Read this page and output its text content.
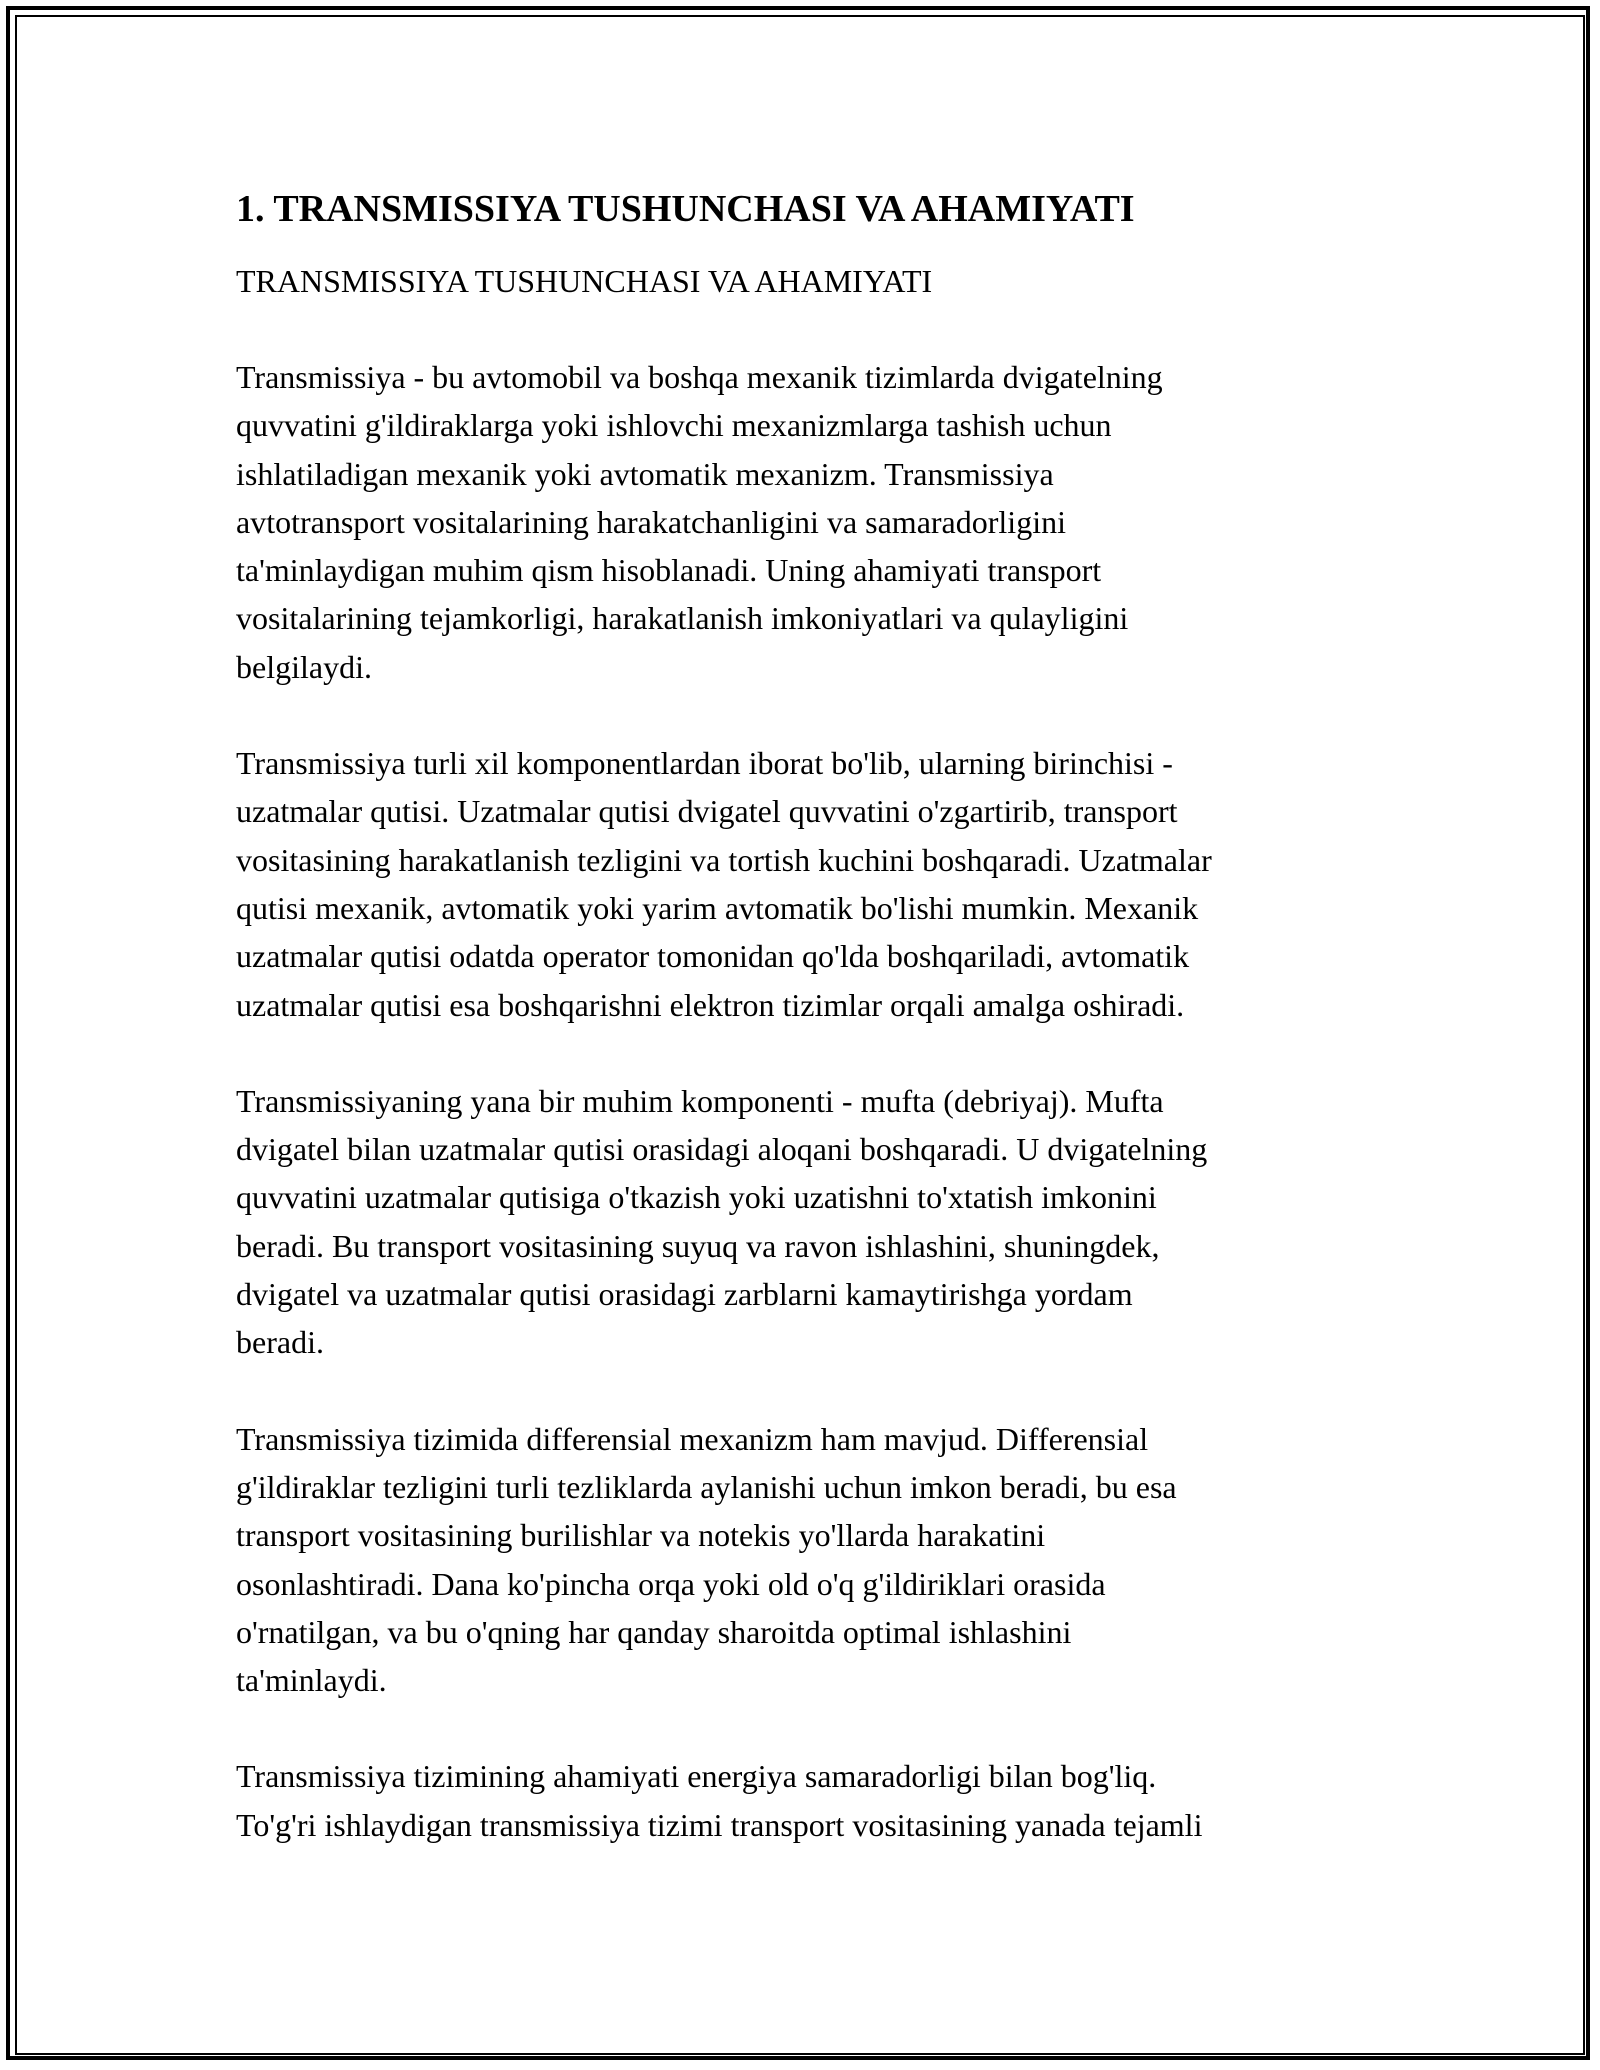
1. TRANSMISSIYA TUSHUNCHASI VA AHAMIYATI
TRANSMISSIYA TUSHUNCHASI VA AHAMIYATI

Transmissiya - bu avtomobil va boshqa mexanik tizimlarda dvigatelning
quvvatini g'ildiraklarga yoki ishlovchi mexanizmlarga tashish uchun
ishlatiladigan mexanik yoki avtomatik mexanizm. Transmissiya
avtotransport vositalarining harakatchanligini va samaradorligini
ta'minlaydigan muhim qism hisoblanadi. Uning ahamiyati transport
vositalarining tejamkorligi, harakatlanish imkoniyatlari va qulayligini
belgilaydi.

Transmissiya turli xil komponentlardan iborat bo'lib, ularning birinchisi -
uzatmalar qutisi. Uzatmalar qutisi dvigatel quvvatini o'zgartirib, transport
vositasining harakatlanish tezligini va tortish kuchini boshqaradi. Uzatmalar
qutisi mexanik, avtomatik yoki yarim avtomatik bo'lishi mumkin. Mexanik
uzatmalar qutisi odatda operator tomonidan qo'lda boshqariladi, avtomatik
uzatmalar qutisi esa boshqarishni elektron tizimlar orqali amalga oshiradi.

Transmissiyaning yana bir muhim komponenti - mufta (debriyaj). Mufta
dvigatel bilan uzatmalar qutisi orasidagi aloqani boshqaradi. U dvigatelning
quvvatini uzatmalar qutisiga o'tkazish yoki uzatishni to'xtatish imkonini
beradi. Bu transport vositasining suyuq va ravon ishlashini, shuningdek,
dvigatel va uzatmalar qutisi orasidagi zarblarni kamaytirishga yordam
beradi.

Transmissiya tizimida differensial mexanizm ham mavjud. Differensial
g'ildiraklar tezligini turli tezliklarda aylanishi uchun imkon beradi, bu esa
transport vositasining burilishlar va notekis yo'llarda harakatini
osonlashtiradi. Dana ko'pincha orqa yoki old o'q g'ildiriklari orasida
o'rnatilgan, va bu o'qning har qanday sharoitda optimal ishlashini
ta'minlaydi.

Transmissiya tizimining ahamiyati energiya samaradorligi bilan bog'liq.
To'g'ri ishlaydigan transmissiya tizimi transport vositasining yanada tejamli
